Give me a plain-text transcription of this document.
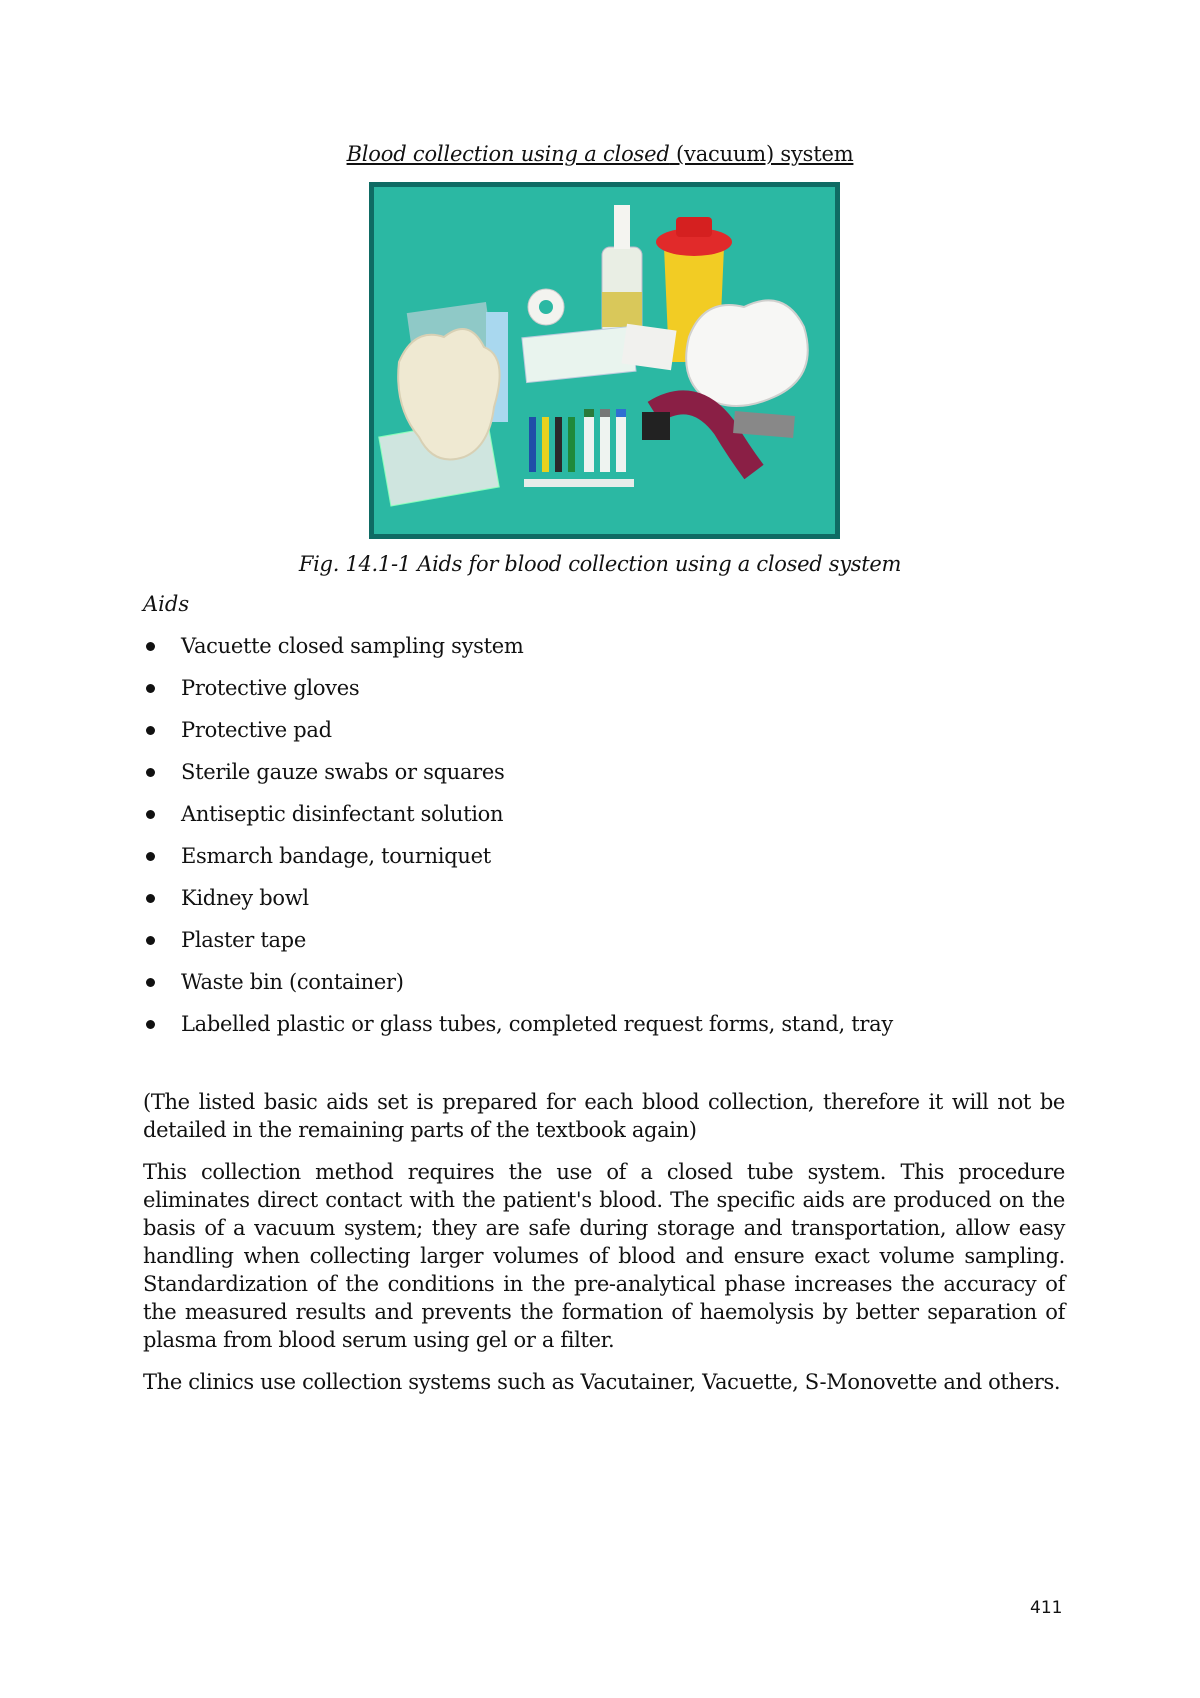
Blood collection using a closed (vacuum) system
Fig. 14.1-1 Aids for blood collection using a closed system
Aids
Vacuette closed sampling system
Protective gloves
Protective pad
Sterile gauze swabs or squares
Antiseptic disinfectant solution
Esmarch bandage, tourniquet
Kidney bowl
Plaster tape
Waste bin (container)
Labelled plastic or glass tubes, completed request forms, stand, tray

(The listed basic aids set is prepared for each blood collection, therefore it will not be detailed in the remaining parts of the textbook again)

This collection method requires the use of a closed tube system. This procedure eliminates direct contact with the patient's blood. The specific aids are produced on the basis of a vacuum system; they are safe during storage and transportation, allow easy handling when collecting larger volumes of blood and ensure exact volume sampling. Standardization of the conditions in the pre-analytical phase increases the accuracy of the measured results and prevents the formation of haemolysis by better separation of plasma from blood serum using gel or a filter.

The clinics use collection systems such as Vacutainer, Vacuette, S-Monovette and others.

411
